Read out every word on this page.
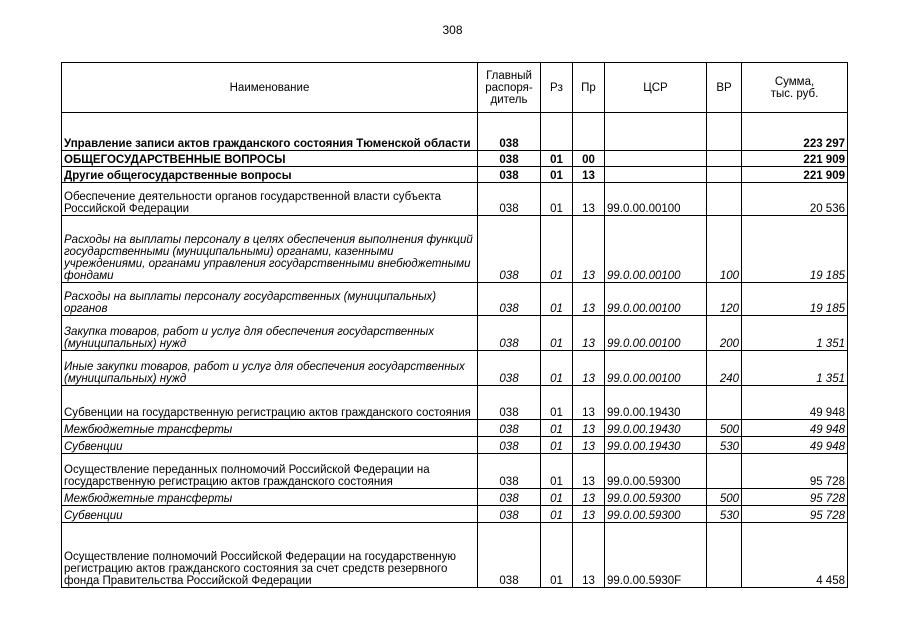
308
Наименование	Главный
распоря-
дитель	Рз	Пр	ЦСР	ВР	Сумма,
тыс. руб.
Управление записи актов гражданского состояния Тюменской области	038					223 297
ОБЩЕГОСУДАРСТВЕННЫЕ ВОПРОСЫ	038	01	00			221 909
Другие общегосударственные вопросы	038	01	13			221 909
Обеспечение деятельности органов государственной власти субъекта Российской Федерации	038	01	13	99.0.00.00100		20 536
Расходы на выплаты персоналу в целях обеспечения выполнения функций государственными (муниципальными) органами, казенными учреждениями, органами управления государственными внебюджетными фондами	038	01	13	99.0.00.00100	100	19 185
Расходы на выплаты персоналу государственных (муниципальных) органов	038	01	13	99.0.00.00100	120	19 185
Закупка товаров, работ и услуг для обеспечения государственных (муниципальных) нужд	038	01	13	99.0.00.00100	200	1 351
Иные закупки товаров, работ и услуг для обеспечения государственных (муниципальных) нужд	038	01	13	99.0.00.00100	240	1 351
Субвенции на государственную регистрацию актов гражданского состояния	038	01	13	99.0.00.19430		49 948
Межбюджетные трансферты	038	01	13	99.0.00.19430	500	49 948
Субвенции	038	01	13	99.0.00.19430	530	49 948
Осуществление переданных полномочий Российской Федерации на государственную регистрацию актов гражданского состояния	038	01	13	99.0.00.59300		95 728
Межбюджетные трансферты	038	01	13	99.0.00.59300	500	95 728
Субвенции	038	01	13	99.0.00.59300	530	95 728
Осуществление полномочий Российской Федерации на государственную регистрацию актов гражданского состояния за счет средств резервного фонда Правительства Российской Федерации	038	01	13	99.0.00.5930F		4 458
